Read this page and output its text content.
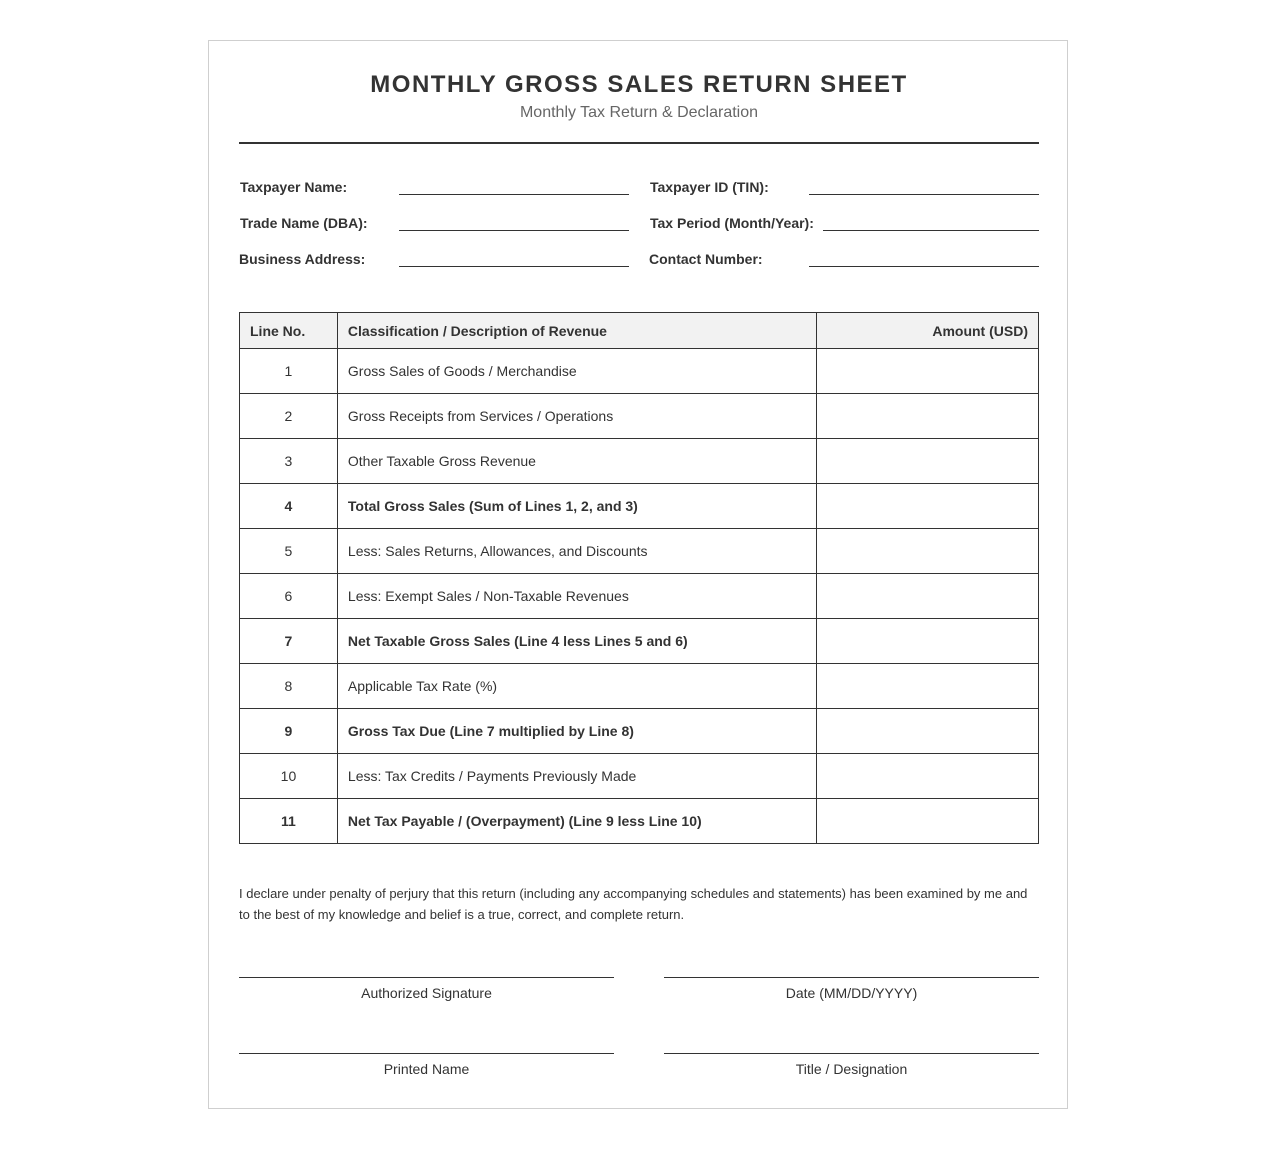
MONTHLY GROSS SALES RETURN SHEET
Monthly Tax Return & Declaration
Taxpayer Name:	Taxpayer ID (TIN):
Trade Name (DBA):	Tax Period (Month/Year):
Business Address:	Contact Number:
Line No.	Classification / Description of Revenue	Amount (USD)
1	Gross Sales of Goods / Merchandise	
2	Gross Receipts from Services / Operations	
3	Other Taxable Gross Revenue	
4	Total Gross Sales (Sum of Lines 1, 2, and 3)	
5	Less: Sales Returns, Allowances, and Discounts	
6	Less: Exempt Sales / Non-Taxable Revenues	
7	Net Taxable Gross Sales (Line 4 less Lines 5 and 6)	
8	Applicable Tax Rate (%)	
9	Gross Tax Due (Line 7 multiplied by Line 8)	
10	Less: Tax Credits / Payments Previously Made	
11	Net Tax Payable / (Overpayment) (Line 9 less Line 10)	
I declare under penalty of perjury that this return (including any accompanying schedules and statements) has been examined by me and to the best of my knowledge and belief is a true, correct, and complete return.
Authorized Signature	Date (MM/DD/YYYY)
Printed Name	Title / Designation
